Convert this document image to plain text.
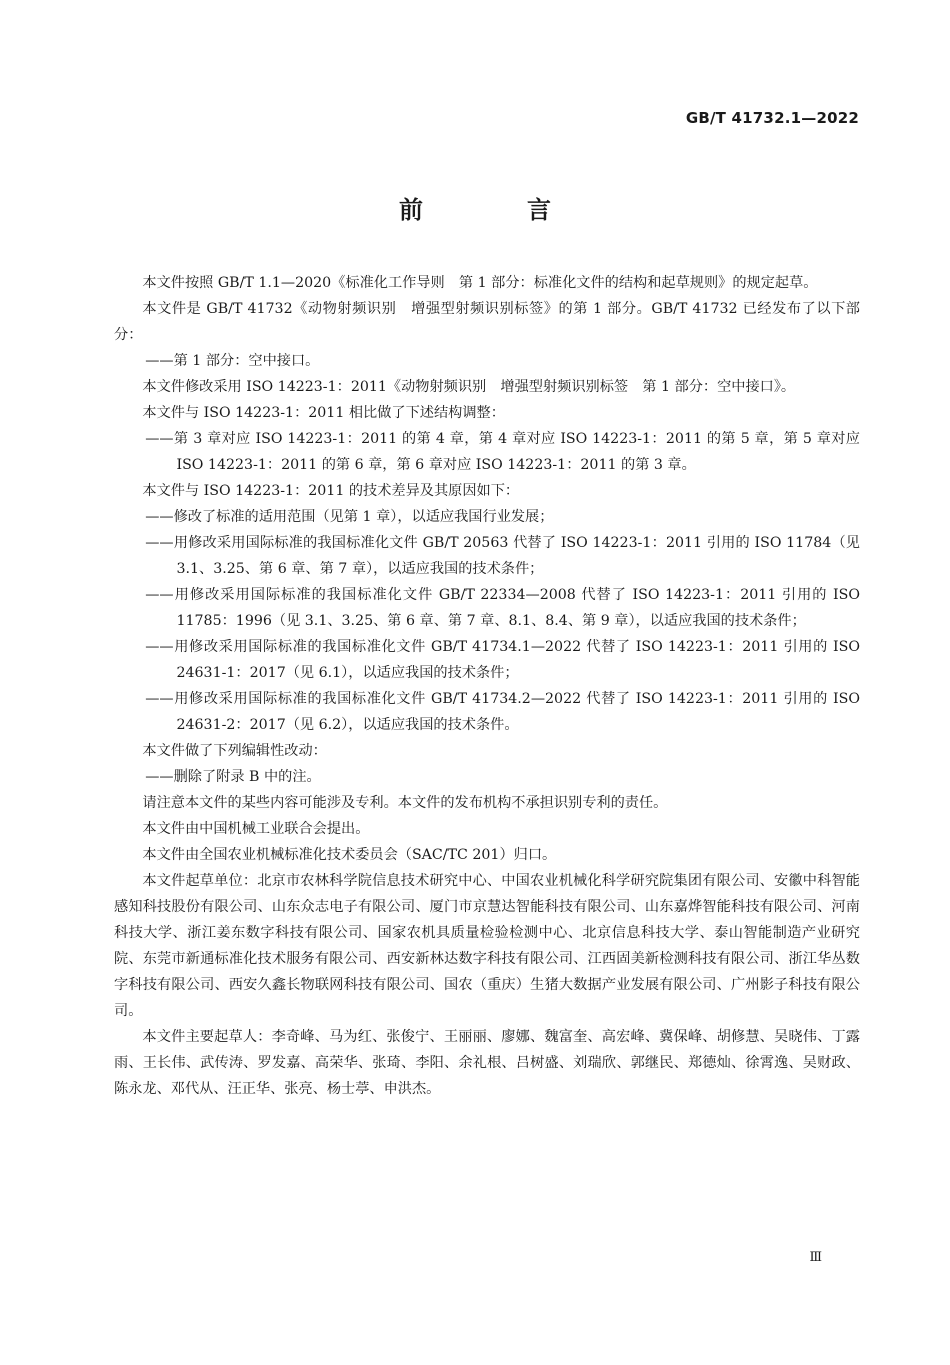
GB/T 41732.1—2022
前　言

本文件按照 GB/T 1.1—2020《标准化工作导则　第 1 部分：标准化文件的结构和起草规则》的规定起草。

本文件是 GB/T 41732《动物射频识别　增强型射频识别标签》的第 1 部分。GB/T 41732 已经发布了以下部分：

—— 第 1 部分：空中接口。

本文件修改采用 ISO 14223-1：2011《动物射频识别　增强型射频识别标签　第 1 部分：空中接口》。

本文件与 ISO 14223-1：2011 相比做了下述结构调整：

—— 第 3 章对应 ISO 14223-1：2011 的第 4 章，第 4 章对应 ISO 14223-1：2011 的第 5 章，第 5 章对应 ISO 14223-1：2011 的第 6 章，第 6 章对应 ISO 14223-1：2011 的第 3 章。

本文件与 ISO 14223-1：2011 的技术差异及其原因如下：

—— 修改了标准的适用范围（见第 1 章），以适应我国行业发展；

—— 用修改采用国际标准的我国标准化文件 GB/T 20563 代替了 ISO 14223-1：2011 引用的 ISO 11784（见 3.1、3.25、第 6 章、第 7 章），以适应我国的技术条件；

—— 用修改采用国际标准的我国标准化文件 GB/T 22334—2008 代替了 ISO 14223-1：2011 引用的 ISO 11785：1996（见 3.1、3.25、第 6 章、第 7 章、8.1、8.4、第 9 章），以适应我国的技术条件；

—— 用修改采用国际标准的我国标准化文件 GB/T 41734.1—2022 代替了 ISO 14223-1：2011 引用的 ISO 24631-1：2017（见 6.1），以适应我国的技术条件；

—— 用修改采用国际标准的我国标准化文件 GB/T 41734.2—2022 代替了 ISO 14223-1：2011 引用的 ISO 24631-2：2017（见 6.2），以适应我国的技术条件。

本文件做了下列编辑性改动：

—— 删除了附录 B 中的注。

请注意本文件的某些内容可能涉及专利。本文件的发布机构不承担识别专利的责任。

本文件由中国机械工业联合会提出。

本文件由全国农业机械标准化技术委员会（SAC/TC 201）归口。

本文件起草单位：北京市农林科学院信息技术研究中心、中国农业机械化科学研究院集团有限公司、安徽中科智能感知科技股份有限公司、山东众志电子有限公司、厦门市京慧达智能科技有限公司、山东嘉烨智能科技有限公司、河南科技大学、浙江姜东数字科技有限公司、国家农机具质量检验检测中心、北京信息科技大学、泰山智能制造产业研究院、东莞市新通标准化技术服务有限公司、西安新林达数字科技有限公司、江西固美新检测科技有限公司、浙江华丛数字科技有限公司、西安久鑫长物联网科技有限公司、国农（重庆）生猪大数据产业发展有限公司、广州影子科技有限公司。

本文件主要起草人：李奇峰、马为红、张俊宁、王丽丽、廖娜、魏富奎、高宏峰、冀保峰、胡修慧、吴晓伟、丁露雨、王长伟、武传涛、罗发嘉、高荣华、张琦、李阳、余礼根、吕树盛、刘瑞欣、郭继民、郑德灿、徐霄逸、吴财政、陈永龙、邓代从、汪正华、张亮、杨士葶、申洪杰。

Ⅲ
